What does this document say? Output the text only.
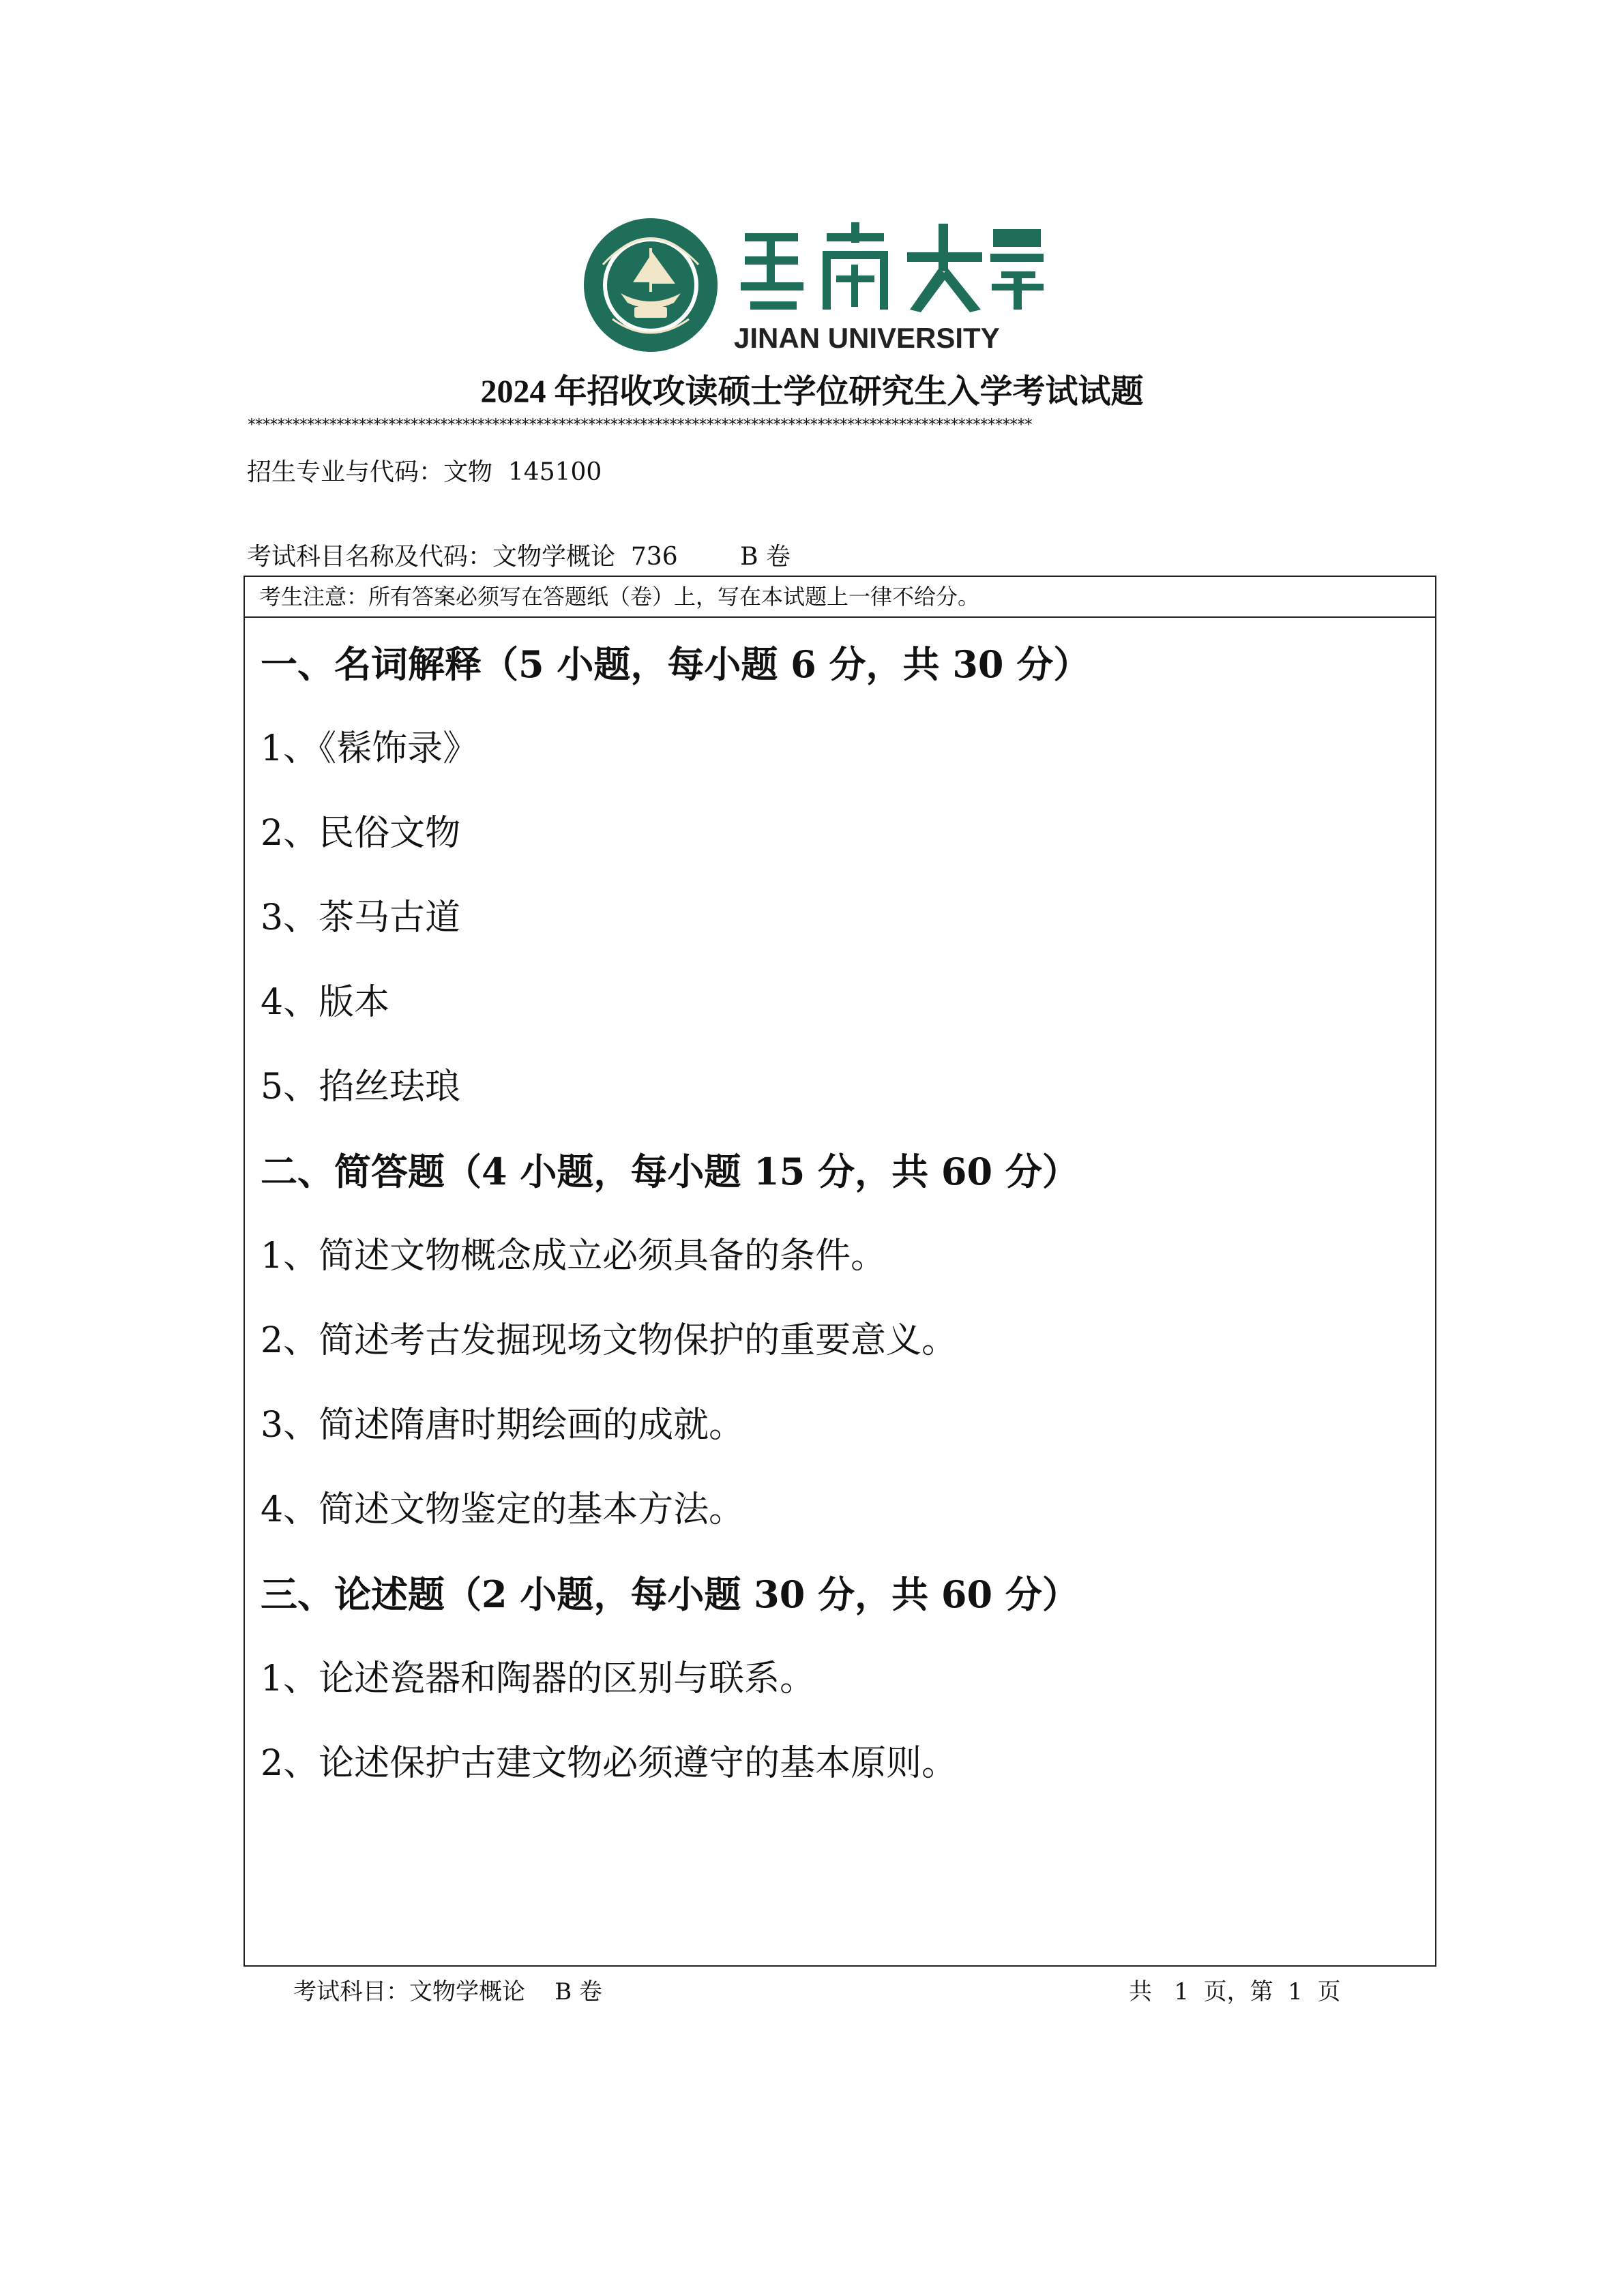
JINAN UNIVERSITY
2024 年招收攻读硕士学位研究生入学考试试题
**********************************************************************************************************
招生专业与代码：文物  145100
考试科目名称及代码：文物学概论  736        B 卷
考生注意：所有答案必须写在答题纸（卷）上，写在本试题上一律不给分。
一、名词解释（5 小题，每小题 6 分，共 30 分）
1、《髹饰录》
2、民俗文物
3、茶马古道
4、版本
5、掐丝珐琅
二、简答题（4 小题，每小题 15 分，共 60 分）
1、简述文物概念成立必须具备的条件。
2、简述考古发掘现场文物保护的重要意义。
3、简述隋唐时期绘画的成就。
4、简述文物鉴定的基本方法。
三、论述题（2 小题，每小题 30 分，共 60 分）
1、论述瓷器和陶器的区别与联系。
2、论述保护古建文物必须遵守的基本原则。
考试科目：文物学概论    B 卷	共   1  页，第  1  页
